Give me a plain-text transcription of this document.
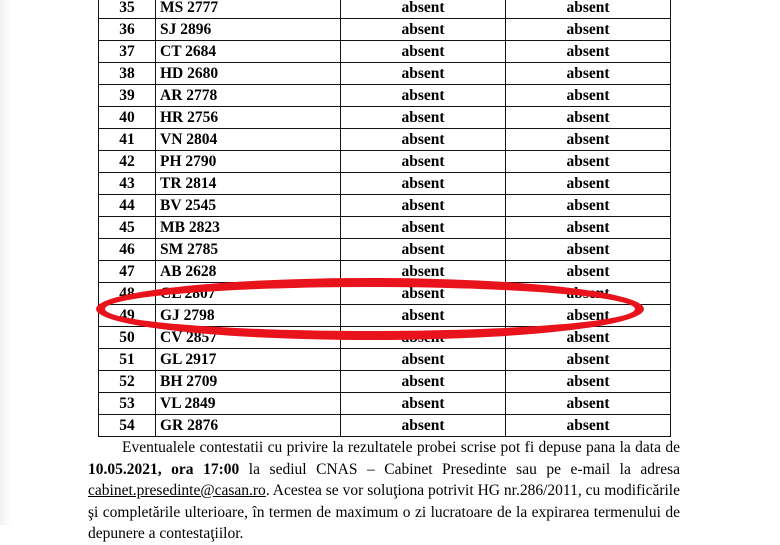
35	MS 2777	absent	absent
36	SJ 2896	absent	absent
37	CT 2684	absent	absent
38	HD 2680	absent	absent
39	AR 2778	absent	absent
40	HR 2756	absent	absent
41	VN 2804	absent	absent
42	PH 2790	absent	absent
43	TR 2814	absent	absent
44	BV 2545	absent	absent
45	MB 2823	absent	absent
46	SM 2785	absent	absent
47	AB 2628	absent	absent
48	CL 2807	absent	absent
49	GJ 2798	absent	absent
50	CV 2857	absent	absent
51	GL 2917	absent	absent
52	BH 2709	absent	absent
53	VL 2849	absent	absent
54	GR 2876	absent	absent

Eventualele contestatii cu privire la rezultatele probei scrise pot fi depuse pana la data de 10.05.2021, ora 17:00 la sediul CNAS – Cabinet Presedinte sau pe e-mail la adresa cabinet.presedinte@casan.ro. Acestea se vor soluţiona potrivit HG nr.286/2011, cu modificările şi completările ulterioare, în termen de maximum o zi lucratoare de la expirarea termenului de depunere a contestaţiilor.
